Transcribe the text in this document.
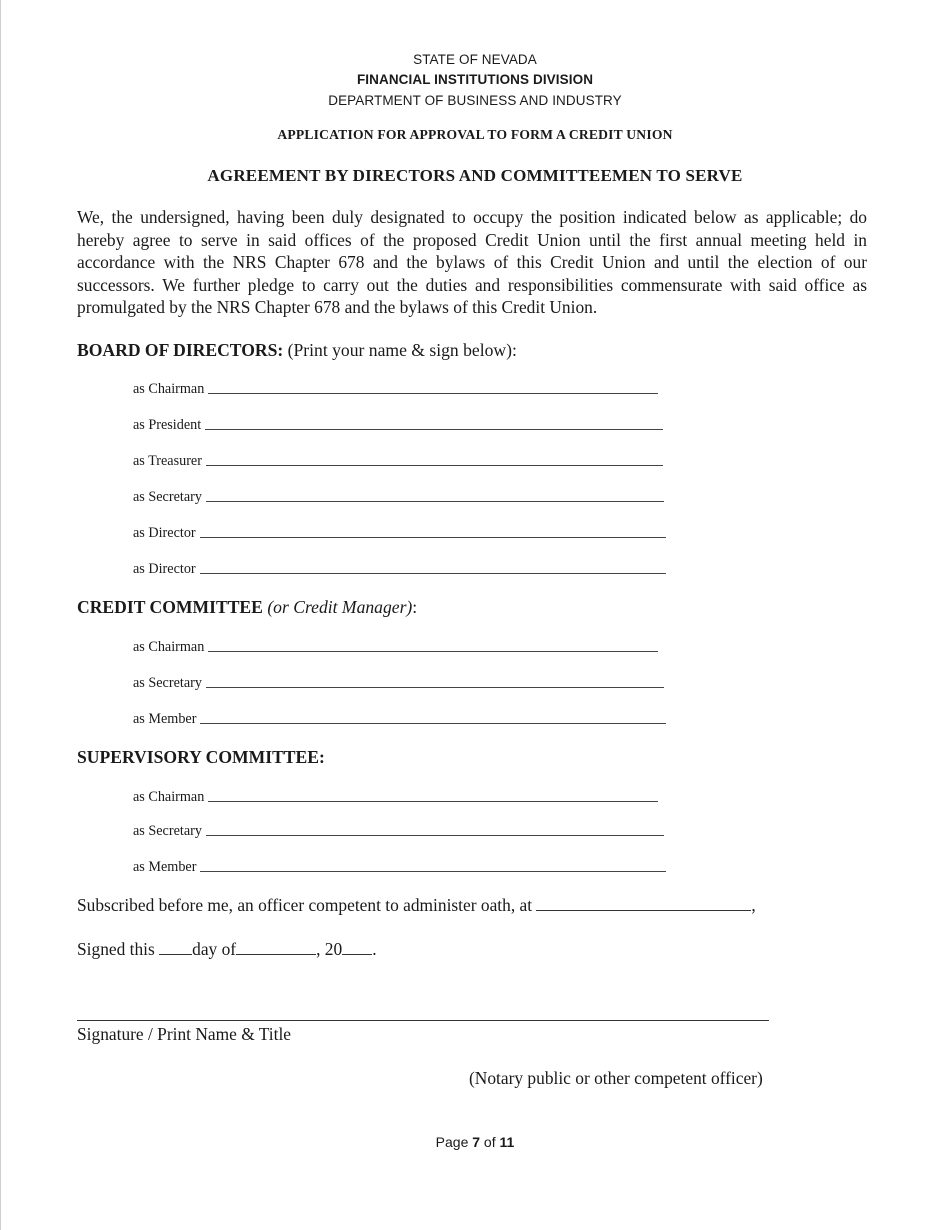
STATE OF NEVADA
FINANCIAL INSTITUTIONS DIVISION
DEPARTMENT OF BUSINESS AND INDUSTRY
APPLICATION FOR APPROVAL TO FORM A CREDIT UNION
AGREEMENT BY DIRECTORS AND COMMITTEEMEN TO SERVE
We, the undersigned, having been duly designated to occupy the position indicated below as applicable; do hereby agree to serve in said offices of the proposed Credit Union until the first annual meeting held in accordance with the NRS Chapter 678 and the bylaws of this Credit Union and until the election of our successors. We further pledge to carry out the duties and responsibilities commensurate with said office as promulgated by the NRS Chapter 678 and the bylaws of this Credit Union.
BOARD OF DIRECTORS: (Print your name & sign below):
as Chairman
as President
as Treasurer
as Secretary
as Director
as Director
CREDIT COMMITTEE (or Credit Manager):
as Chairman
as Secretary
as Member
SUPERVISORY COMMITTEE:
as Chairman
as Secretary
as Member
Subscribed before me, an officer competent to administer oath, at	,
Signed this day of	, 20 .
Signature / Print Name & Title
(Notary public or other competent officer)
Page 7 of 11
